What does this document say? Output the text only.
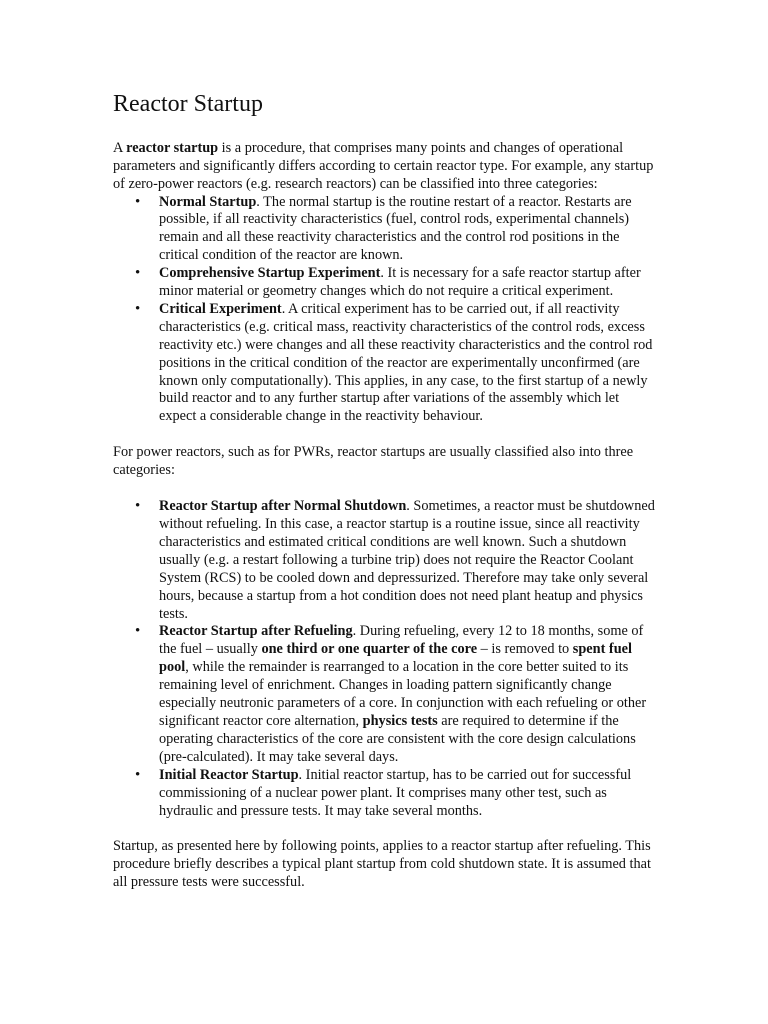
Reactor Startup

A reactor startup is a procedure, that comprises many points and changes of operational parameters and significantly differs according to certain reactor type. For example, any startup of zero-power reactors (e.g. research reactors) can be classified into three categories:

• Normal Startup. The normal startup is the routine restart of a reactor. Restarts are possible, if all reactivity characteristics (fuel, control rods, experimental channels) remain and all these reactivity characteristics and the control rod positions in the critical condition of the reactor are known.
• Comprehensive Startup Experiment. It is necessary for a safe reactor startup after minor material or geometry changes which do not require a critical experiment.
• Critical Experiment. A critical experiment has to be carried out, if all reactivity characteristics (e.g. critical mass, reactivity characteristics of the control rods, excess reactivity etc.) were changes and all these reactivity characteristics and the control rod positions in the critical condition of the reactor are experimentally unconfirmed (are known only computationally). This applies, in any case, to the first startup of a newly build reactor and to any further startup after variations of the assembly which let expect a considerable change in the reactivity behaviour.

For power reactors, such as for PWRs, reactor startups are usually classified also into three categories:

• Reactor Startup after Normal Shutdown. Sometimes, a reactor must be shutdowned without refueling. In this case, a reactor startup is a routine issue, since all reactivity characteristics and estimated critical conditions are well known. Such a shutdown usually (e.g. a restart following a turbine trip) does not require the Reactor Coolant System (RCS) to be cooled down and depressurized. Therefore may take only several hours, because a startup from a hot condition does not need plant heatup and physics tests.
• Reactor Startup after Refueling. During refueling, every 12 to 18 months, some of the fuel – usually one third or one quarter of the core – is removed to spent fuel pool, while the remainder is rearranged to a location in the core better suited to its remaining level of enrichment. Changes in loading pattern significantly change especially neutronic parameters of a core. In conjunction with each refueling or other significant reactor core alternation, physics tests are required to determine if the operating characteristics of the core are consistent with the core design calculations (pre-calculated). It may take several days.
• Initial Reactor Startup. Initial reactor startup, has to be carried out for successful commissioning of a nuclear power plant. It comprises many other test, such as hydraulic and pressure tests. It may take several months.

Startup, as presented here by following points, applies to a reactor startup after refueling. This procedure briefly describes a typical plant startup from cold shutdown state. It is assumed that all pressure tests were successful.
